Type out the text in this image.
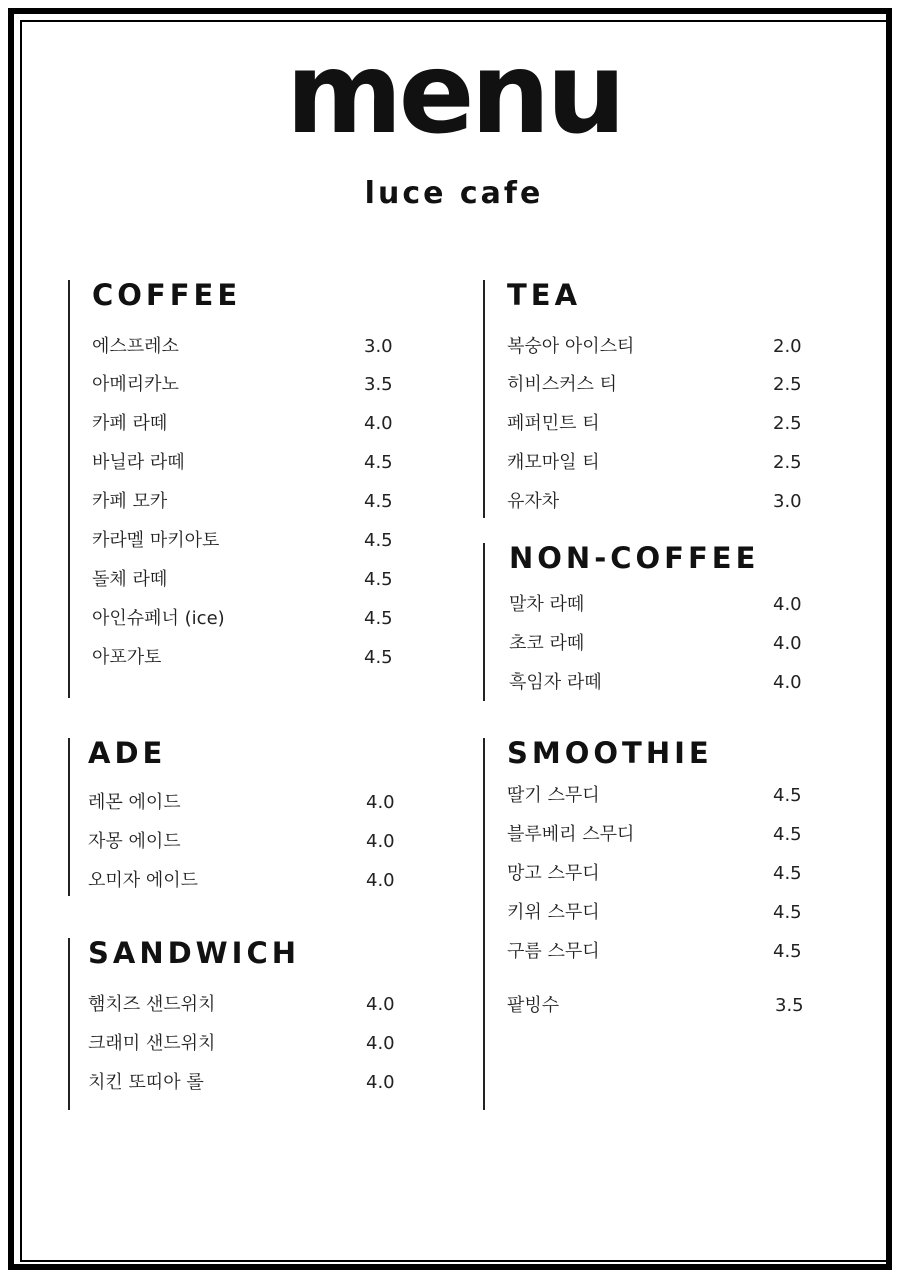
menu
luce cafe
COFFEE
에스프레소	3.0
아메리카노	3.5
카페 라떼	4.0
바닐라 라떼	4.5
카페 모카	4.5
카라멜 마키아토	4.5
돌체 라떼	4.5
아인슈페너 (ice)	4.5
아포가토	4.5
ADE
레몬 에이드	4.0
자몽 에이드	4.0
오미자 에이드	4.0
SANDWICH
햄치즈 샌드위치	4.0
크래미 샌드위치	4.0
치킨 또띠아 롤	4.0
TEA
복숭아 아이스티	2.0
히비스커스 티	2.5
페퍼민트 티	2.5
캐모마일 티	2.5
유자차	3.0
NON-COFFEE
말차 라떼	4.0
초코 라떼	4.0
흑임자 라떼	4.0
SMOOTHIE
딸기 스무디	4.5
블루베리 스무디	4.5
망고 스무디	4.5
키위 스무디	4.5
구름 스무디	4.5
팥빙수	3.5
